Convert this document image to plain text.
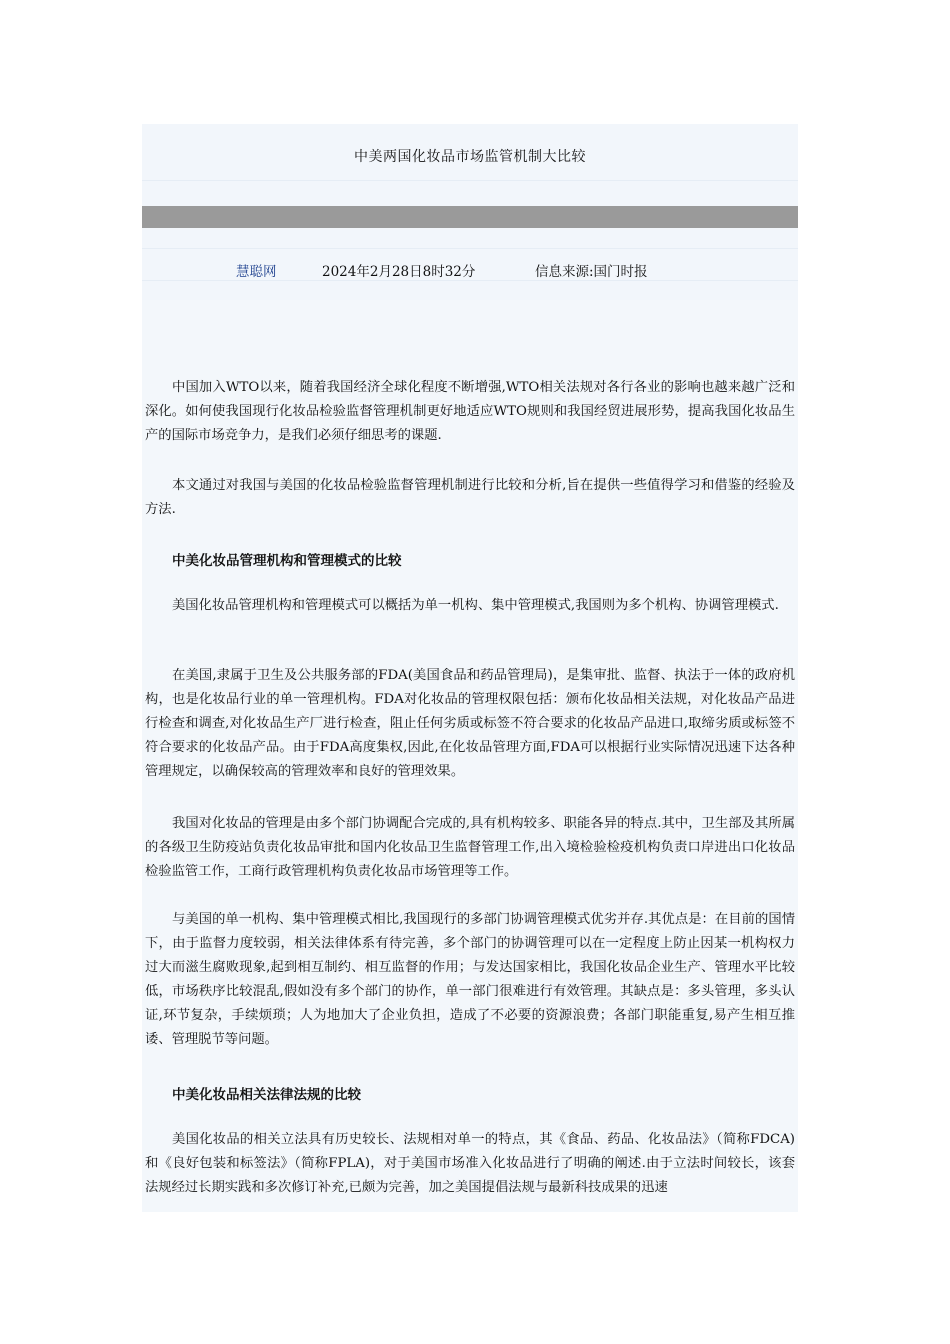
中美两国化妆品市场监管机制大比较
慧聪网	2024年2月28日8时32分	信息来源:国门时报

中国加入WTO以来，随着我国经济全球化程度不断增强,WTO相关法规对各行各业的影响也越来越广泛和深化。如何使我国现行化妆品检验监督管理机制更好地适应WTO规则和我国经贸进展形势，提高我国化妆品生产的国际市场竞争力，是我们必须仔细思考的课题.

本文通过对我国与美国的化妆品检验监督管理机制进行比较和分析,旨在提供一些值得学习和借鉴的经验及方法.

中美化妆品管理机构和管理模式的比较

美国化妆品管理机构和管理模式可以概括为单一机构、集中管理模式,我国则为多个机构、协调管理模式.

在美国,隶属于卫生及公共服务部的FDA(美国食品和药品管理局)，是集审批、监督、执法于一体的政府机构，也是化妆品行业的单一管理机构。FDA对化妆品的管理权限包括：颁布化妆品相关法规，对化妆品产品进行检查和调查,对化妆品生产厂进行检查，阻止任何劣质或标签不符合要求的化妆品产品进口,取缔劣质或标签不符合要求的化妆品产品。由于FDA高度集权,因此,在化妆品管理方面,FDA可以根据行业实际情况迅速下达各种管理规定，以确保较高的管理效率和良好的管理效果。

我国对化妆品的管理是由多个部门协调配合完成的,具有机构较多、职能各异的特点.其中，卫生部及其所属的各级卫生防疫站负责化妆品审批和国内化妆品卫生监督管理工作,出入境检验检疫机构负责口岸进出口化妆品检验监管工作，工商行政管理机构负责化妆品市场管理等工作。

与美国的单一机构、集中管理模式相比,我国现行的多部门协调管理模式优劣并存.其优点是：在目前的国情下，由于监督力度较弱，相关法律体系有待完善，多个部门的协调管理可以在一定程度上防止因某一机构权力过大而滋生腐败现象,起到相互制约、相互监督的作用；与发达国家相比，我国化妆品企业生产、管理水平比较低，市场秩序比较混乱,假如没有多个部门的协作，单一部门很难进行有效管理。其缺点是：多头管理，多头认证,环节复杂，手续烦琐；人为地加大了企业负担，造成了不必要的资源浪费；各部门职能重复,易产生相互推诿、管理脱节等问题。

中美化妆品相关法律法规的比较

美国化妆品的相关立法具有历史较长、法规相对单一的特点，其《食品、药品、化妆品法》（简称FDCA)和《良好包装和标签法》（简称FPLA)，对于美国市场准入化妆品进行了明确的阐述.由于立法时间较长，该套法规经过长期实践和多次修订补充,已颇为完善，加之美国提倡法规与最新科技成果的迅速
